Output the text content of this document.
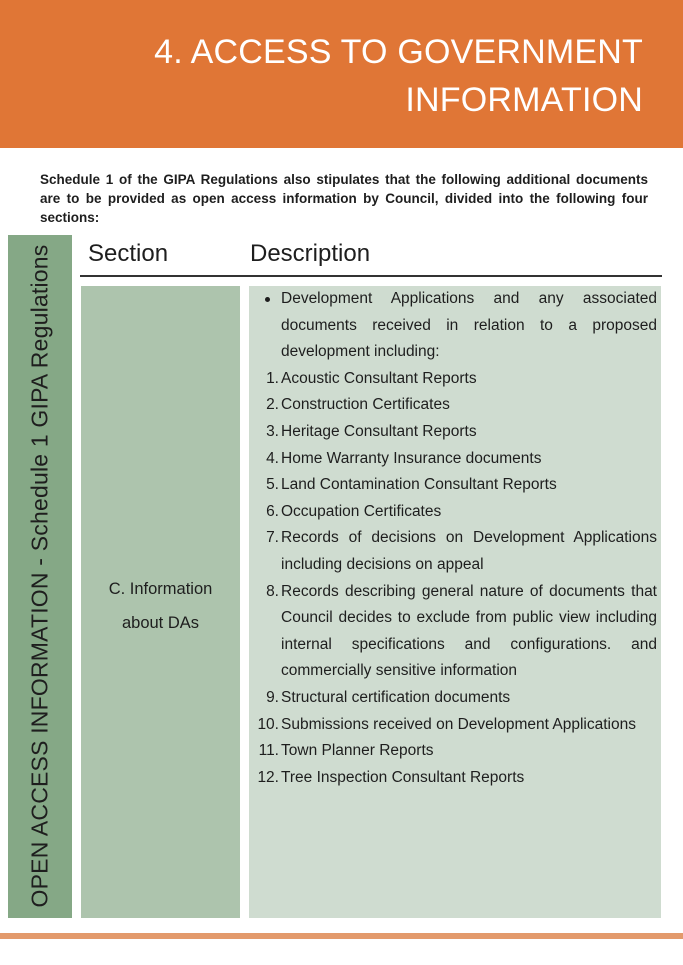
4. ACCESS TO GOVERNMENT
INFORMATION
Schedule 1 of the GIPA Regulations also stipulates that the following additional documents are to be provided as open access information by Council, divided into the following four sections:
OPEN ACCESS INFORMATION - Schedule 1 GIPA Regulations Section	Description
C. Information
about DAs
Development Applications and any associated documents received in relation to a proposed development including:
1. Acoustic Consultant Reports
2. Construction Certificates
3. Heritage Consultant Reports
4. Home Warranty Insurance documents
5. Land Contamination Consultant Reports
6. Occupation Certificates
7. Records of decisions on Development Applications including decisions on appeal
8. Records describing general nature of documents that Council decides to exclude from public view including internal specifications and configurations. and commercially sensitive information
9. Structural certification documents
10. Submissions received on Development Applications
11. Town Planner Reports
12. Tree Inspection Consultant Reports
